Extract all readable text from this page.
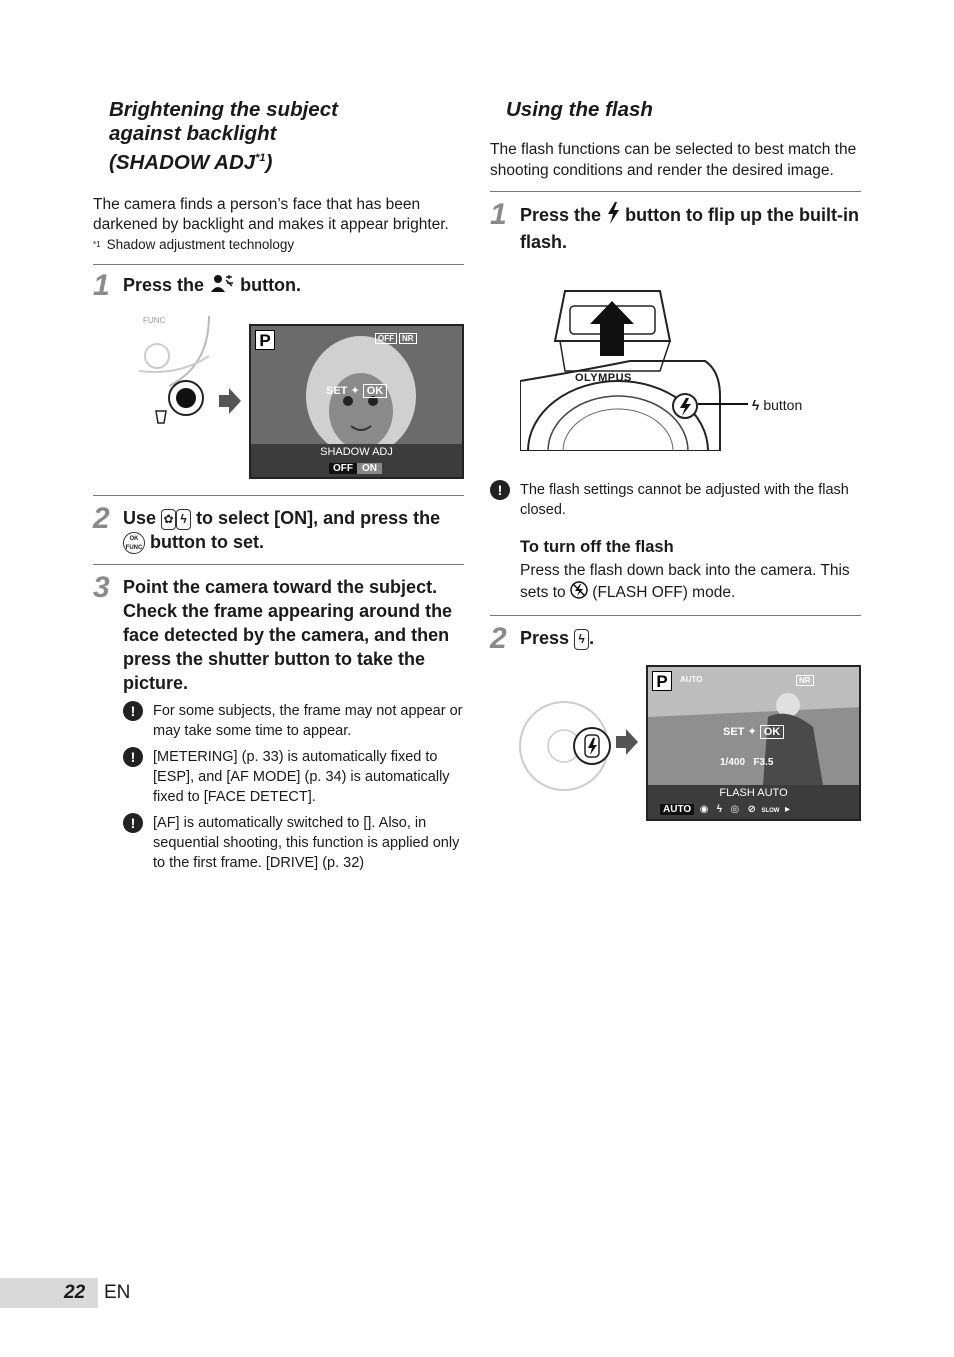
Brightening the subject
against backlight
(SHADOW ADJ$^{*1}$)

The camera finds a person’s face that has been darkened by backlight and makes it appear brighter.

$^{*1}$ Shadow adjustment technology

1 Press the button.
FUNC
P	OFF	NR
SET ✦ OK
SHADOW ADJ
OFF ON
2 Use ✿ ϟ to select [ON], and press the OK
FUNC button to set.
3 Point the camera toward the subject. Check the frame appearing around the face detected by the camera, and then press the shutter button to take the picture.
!	For some subjects, the frame may not appear or may take some time to appear.
!	[METERING] (p. 33) is automatically fixed to [ESP], and [AF MODE] (p. 34) is automatically fixed to [FACE DETECT].
!	[AF] is automatically switched to []. Also, in sequential shooting, this function is applied only to the first frame. [DRIVE] (p. 32)
Using the flash

The flash functions can be selected to best match the shooting conditions and render the desired image.

1 Press the button to flip up the built-in flash.
OLYMPUS
ϟ button
!	The flash settings cannot be adjusted with the flash closed.
To turn off the flash

Press the flash down back into the camera. This sets to (FLASH OFF) mode.

2 Press ϟ .
P	AUTO	NR
SET ✦ OK
1/400 F3.5
FLASH AUTO
AUTO  ◉   ϟ   ◎   ⊘  SLOW  ▸
22 EN
